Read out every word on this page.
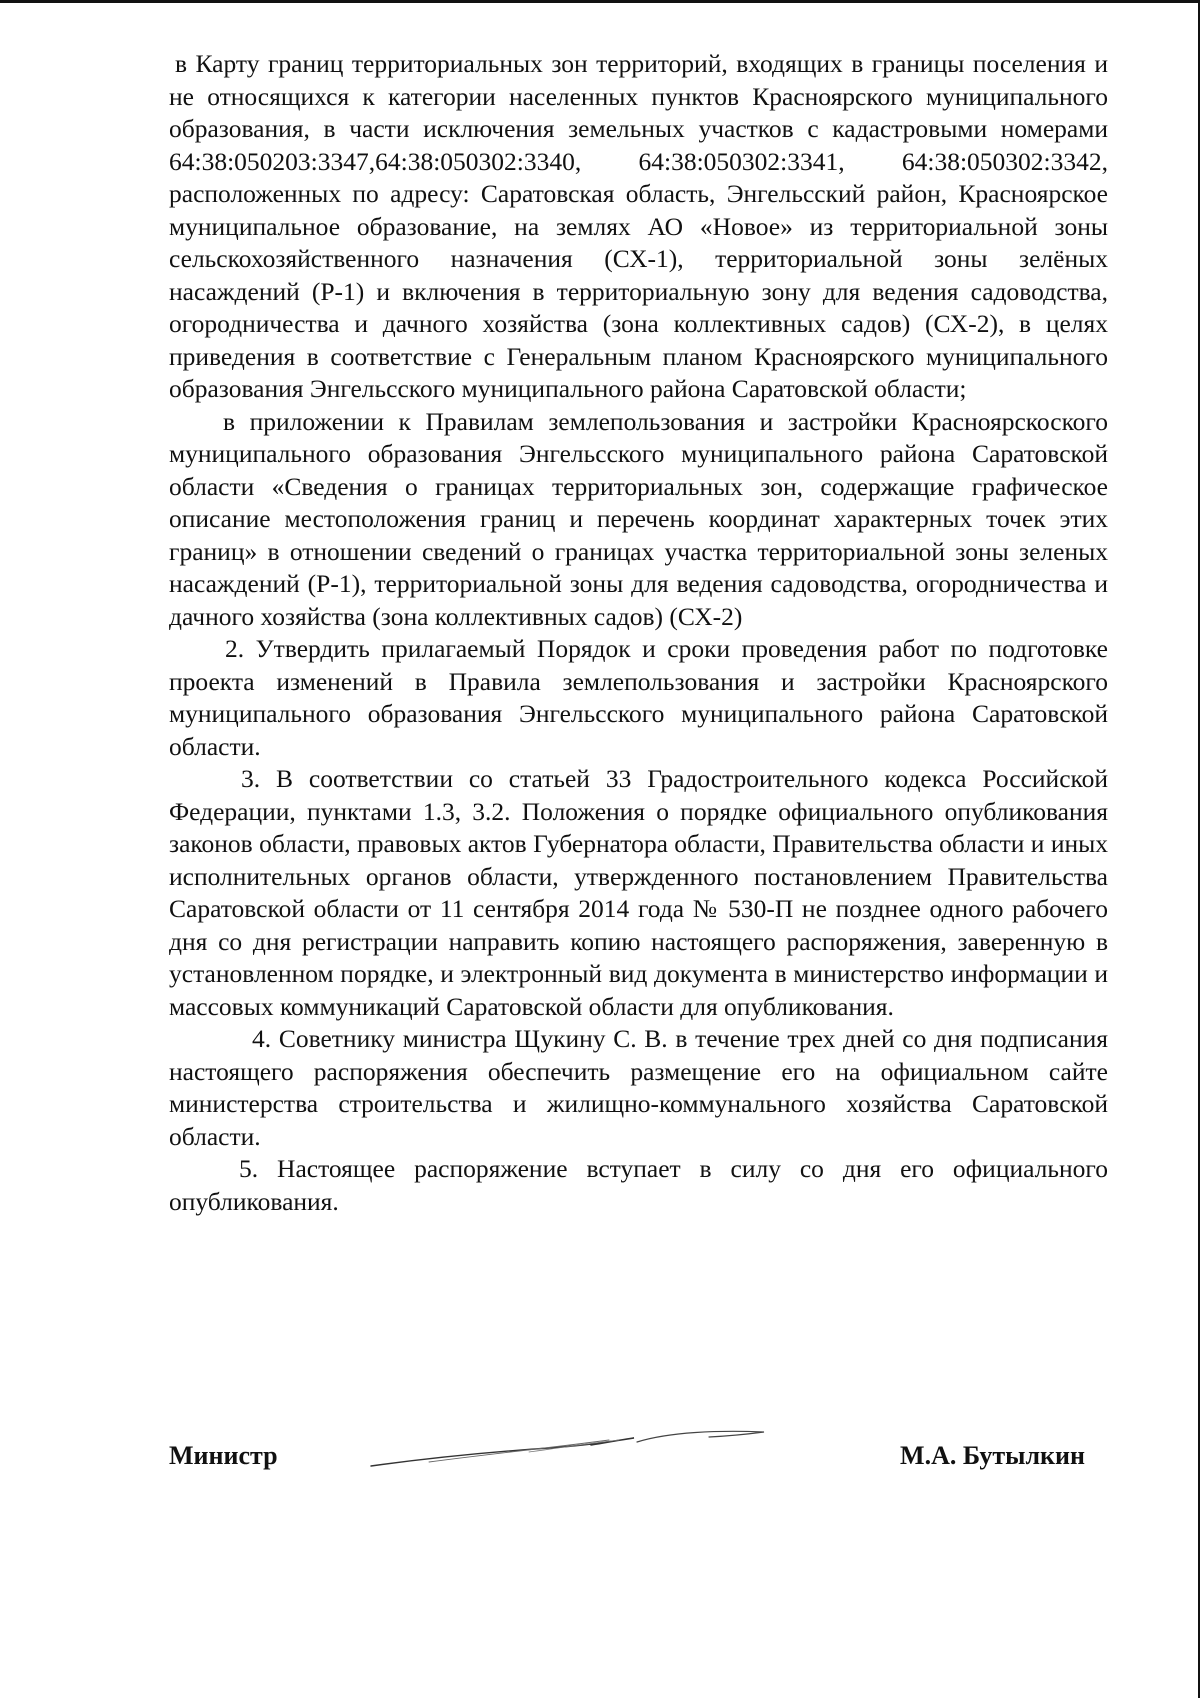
в Карту границ территориальных зон территорий, входящих в границы поселения и не относящихся к категории населенных пунктов Красноярского муниципального образования, в части исключения земельных участков с кадастровыми номерами 64:38:050203:3347,64:38:050302:3340, 64:38:050302:3341, 64:38:050302:3342, расположенных по адресу: Саратовская область, Энгельсский район, Красноярское муниципальное образование, на землях АО «Новое» из территориальной зоны сельскохозяйственного назначения (СХ-1), территориальной зоны зелёных насаждений (Р-1) и включения в территориальную зону для ведения садоводства, огородничества и дачного хозяйства (зона коллективных садов) (СХ-2), в целях приведения в соответствие с Генеральным планом Красноярского муниципального образования Энгельсского муниципального района Саратовской области;

в приложении к Правилам землепользования и застройки Красноярскоского муниципального образования Энгельсского муниципального района Саратовской области «Сведения о границах территориальных зон, содержащие графическое описание местоположения границ и перечень координат характерных точек этих границ» в отношении сведений о границах участка территориальной зоны зеленых насаждений (Р-1), территориальной зоны для ведения садоводства, огородничества и дачного хозяйства (зона коллективных садов) (СХ-2)

2. Утвердить прилагаемый Порядок и сроки проведения работ по подготовке проекта изменений в Правила землепользования и застройки Красноярского муниципального образования Энгельсского муниципального района Саратовской области.

3. В соответствии со статьей 33 Градостроительного кодекса Российской Федерации, пунктами 1.3, 3.2. Положения о порядке официального опубликования законов области, правовых актов Губернатора области, Правительства области и иных исполнительных органов области, утвержденного постановлением Правительства Саратовской области от 11 сентября 2014 года № 530-П не позднее одного рабочего дня со дня регистрации направить копию настоящего распоряжения, заверенную в установленном порядке, и электронный вид документа в министерство информации и массовых коммуникаций Саратовской области для опубликования.

4. Советнику министра Щукину С. В. в течение трех дней со дня подписания настоящего распоряжения обеспечить размещение его на официальном сайте министерства строительства и жилищно-коммунального хозяйства Саратовской области.

5. Настоящее распоряжение вступает в силу со дня его официального опубликования.

Министр	М.А. Бутылкин
